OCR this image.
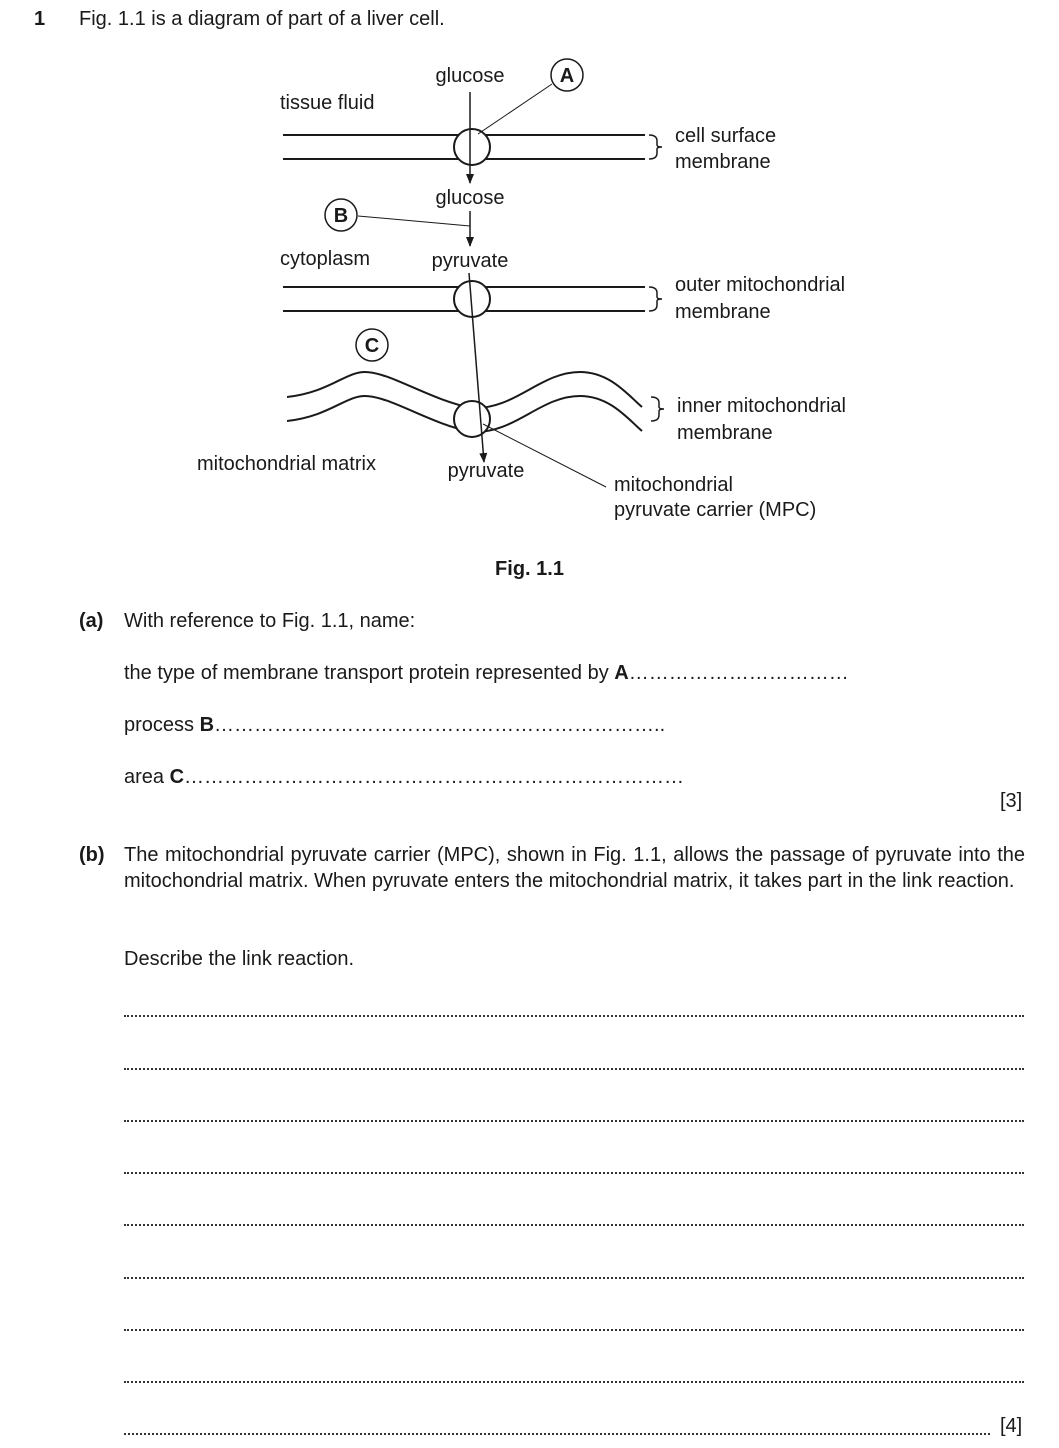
1 Fig. 1.1 is a diagram of part of a liver cell.
A
B
C
glucose
tissue fluid
glucose
cytoplasm	pyruvate
mitochondrial matrix	pyruvate
cell surface
membrane
outer mitochondrial
membrane
inner mitochondrial
membrane
mitochondrial
pyruvate carrier (MPC)
Fig. 1.1
(a) With reference to Fig. 1.1, name:
the type of membrane transport protein represented by A……………………………
process B…………………………………………………………..
area C…………………………………………………………………
[3]
(b) The mitochondrial pyruvate carrier (MPC), shown in Fig. 1.1, allows the passage of pyruvate into the mitochondrial matrix. When pyruvate enters the mitochondrial matrix, it takes part in the link reaction.
Describe the link reaction.
[4]
